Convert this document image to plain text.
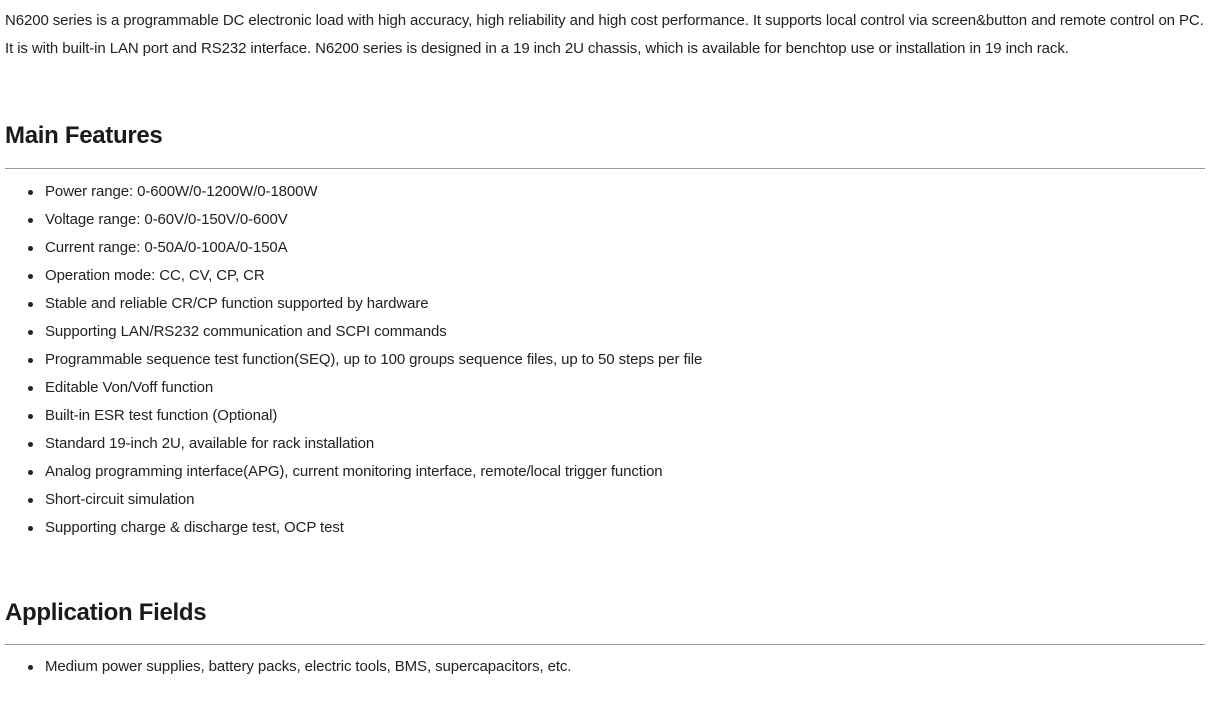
N6200 series is a programmable DC electronic load with high accuracy, high reliability and high cost performance. It supports local control via screen&button and remote control on PC. It is with built-in LAN port and RS232 interface. N6200 series is designed in a 19 inch 2U chassis, which is available for benchtop use or installation in 19 inch rack.

Main Features
Power range: 0-600W/0-1200W/0-1800W
Voltage range: 0-60V/0-150V/0-600V
Current range: 0-50A/0-100A/0-150A
Operation mode: CC, CV, CP, CR
Stable and reliable CR/CP function supported by hardware
Supporting LAN/RS232 communication and SCPI commands
Programmable sequence test function(SEQ), up to 100 groups sequence files, up to 50 steps per file
Editable Von/Voff function
Built-in ESR test function (Optional)
Standard 19-inch 2U, available for rack installation
Analog programming interface(APG), current monitoring interface, remote/local trigger function
Short-circuit simulation
Supporting charge & discharge test, OCP test
Application Fields
Medium power supplies, battery packs, electric tools, BMS, supercapacitors, etc.
